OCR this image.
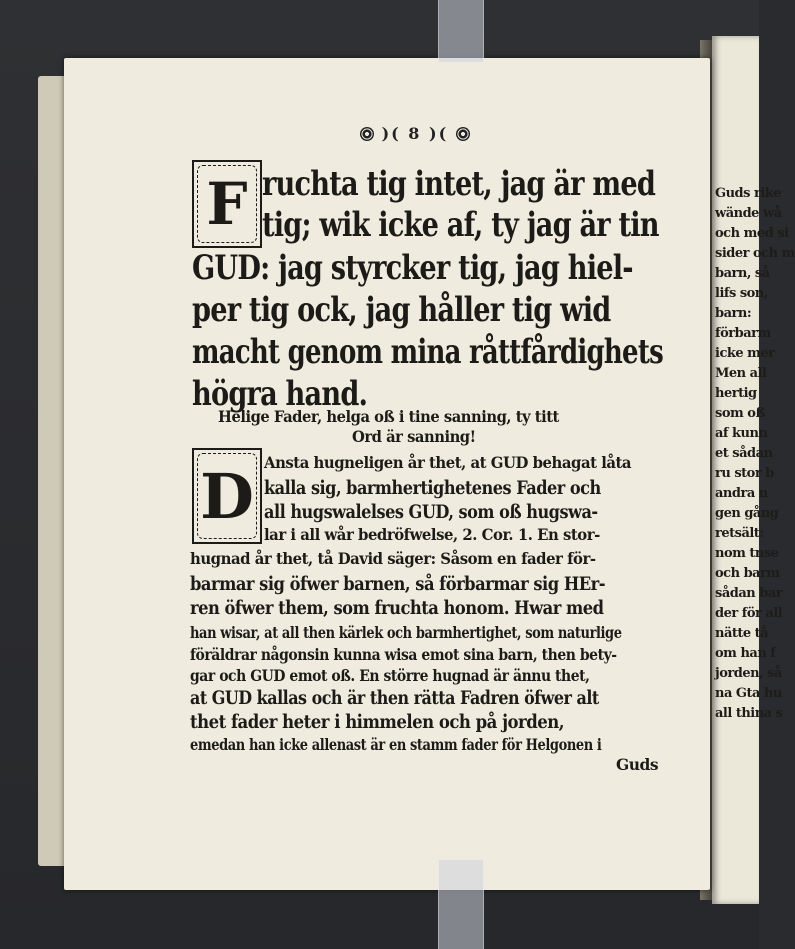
Guds rike
wände wå
och med si
sider och m
barn, så
lifs son,
barn:
förbarm
icke mer
Men all
hertig
som oß
af kunn
et sådan
ru stor b
andra n
gen gång
retsält:
nom tnse
och barm
sådan bar
der för all
nätte tå
om han f
jorden, så
na Gta hu
all thina s
)( 8 )(
F ruchta tig intet, jag är med
tig; wik icke af, ty jag är tin
GUD: jag styrcker tig, jag hiel-
per tig ock, jag håller tig wid
macht genom mina råttfårdighets
högra hand.
Helige Fader, helga oß i tine sanning, ty titt
Ord är sanning!
D Ansta hugneligen år thet, at GUD behagat låta
kalla sig, barmhertighetenes Fader och
all hugswalelses GUD, som oß hugswa-
lar i all wår bedröfwelse, 2. Cor. 1. En stor-
hugnad år thet, tå David säger: Såsom en fader för-
barmar sig öfwer barnen, så förbarmar sig HEr-
ren öfwer them, som fruchta honom. Hwar med
han wisar, at all then kärlek och barmhertighet, som naturlige
föräldrar någonsin kunna wisa emot sina barn, then bety-
gar och GUD emot oß. En större hugnad är ännu thet,
at GUD kallas och är then rätta Fadren öfwer alt
thet fader heter i himmelen och på jorden,
emedan han icke allenast är en stamm fader för Helgonen i
Guds
